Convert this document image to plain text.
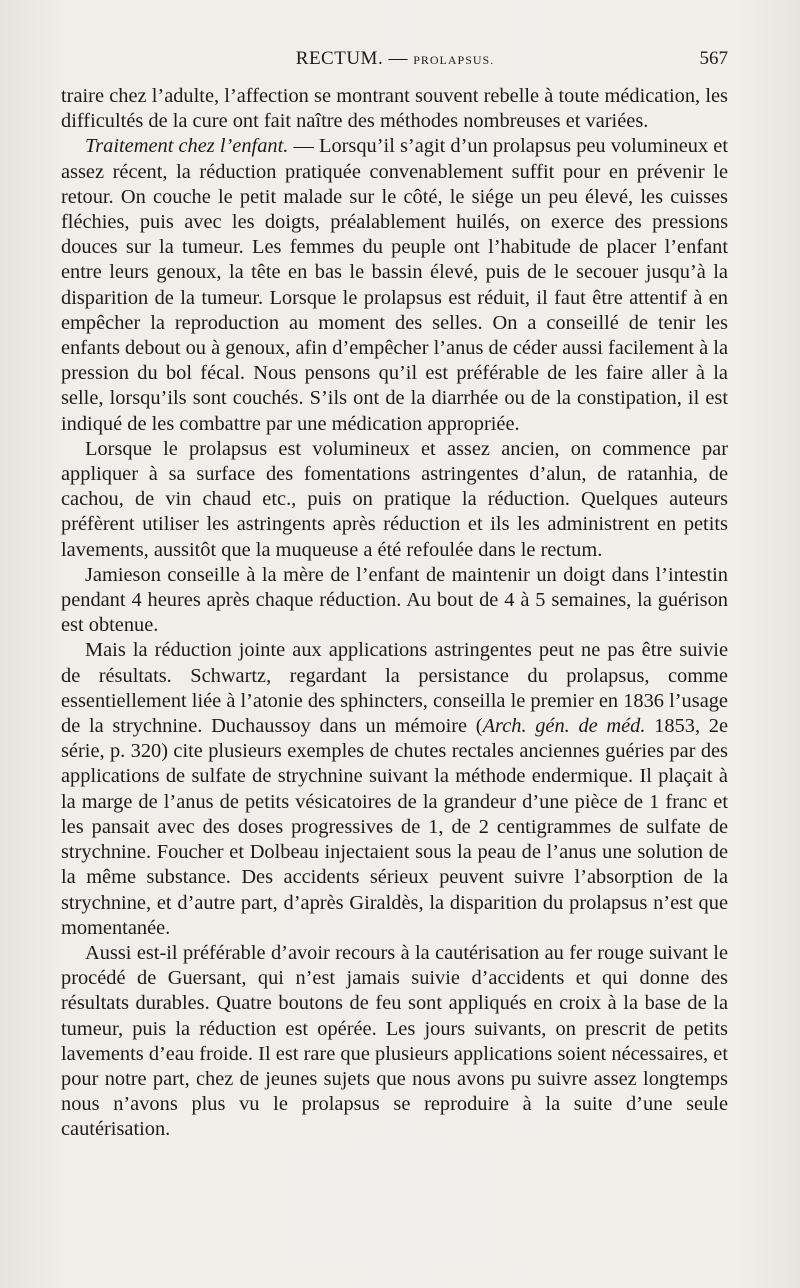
RECTUM. — PROLAPSUS.	567

traire chez l’adulte, l’affection se montrant souvent rebelle à toute médication, les difficultés de la cure ont fait naître des méthodes nombreuses et variées.

Traitement chez l’enfant. — Lorsqu’il s’agit d’un prolapsus peu volumineux et assez récent, la réduction pratiquée convenablement suffit pour en prévenir le retour. On couche le petit malade sur le côté, le siége un peu élevé, les cuisses fléchies, puis avec les doigts, préalablement huilés, on exerce des pressions douces sur la tumeur. Les femmes du peuple ont l’habitude de placer l’enfant entre leurs genoux, la tête en bas le bassin élevé, puis de le secouer jusqu’à la disparition de la tumeur. Lorsque le prolapsus est réduit, il faut être attentif à en empêcher la reproduction au moment des selles. On a conseillé de tenir les enfants debout ou à genoux, afin d’empêcher l’anus de céder aussi facilement à la pression du bol fécal. Nous pensons qu’il est préférable de les faire aller à la selle, lorsqu’ils sont couchés. S’ils ont de la diarrhée ou de la constipation, il est indiqué de les combattre par une médication appropriée.

Lorsque le prolapsus est volumineux et assez ancien, on commence par appliquer à sa surface des fomentations astringentes d’alun, de ratanhia, de cachou, de vin chaud etc., puis on pratique la réduction. Quelques auteurs préfèrent utiliser les astringents après réduction et ils les administrent en petits lavements, aussitôt que la muqueuse a été refoulée dans le rectum.

Jamieson conseille à la mère de l’enfant de maintenir un doigt dans l’intestin pendant 4 heures après chaque réduction. Au bout de 4 à 5 semaines, la guérison est obtenue.

Mais la réduction jointe aux applications astringentes peut ne pas être suivie de résultats. Schwartz, regardant la persistance du prolapsus, comme essentiellement liée à l’atonie des sphincters, conseilla le premier en 1836 l’usage de la strychnine. Duchaussoy dans un mémoire (Arch. gén. de méd. 1853, 2e série, p. 320) cite plusieurs exemples de chutes rectales anciennes guéries par des applications de sulfate de strychnine suivant la méthode endermique. Il plaçait à la marge de l’anus de petits vésicatoires de la grandeur d’une pièce de 1 franc et les pansait avec des doses progressives de 1, de 2 centigrammes de sulfate de strychnine. Foucher et Dolbeau injectaient sous la peau de l’anus une solution de la même substance. Des accidents sérieux peuvent suivre l’absorption de la strychnine, et d’autre part, d’après Giraldès, la disparition du prolapsus n’est que momentanée.

Aussi est-il préférable d’avoir recours à la cautérisation au fer rouge suivant le procédé de Guersant, qui n’est jamais suivie d’accidents et qui donne des résultats durables. Quatre boutons de feu sont appliqués en croix à la base de la tumeur, puis la réduction est opérée. Les jours suivants, on prescrit de petits lavements d’eau froide. Il est rare que plusieurs applications soient nécessaires, et pour notre part, chez de jeunes sujets que nous avons pu suivre assez longtemps nous n’avons plus vu le prolapsus se reproduire à la suite d’une seule cautérisation.
